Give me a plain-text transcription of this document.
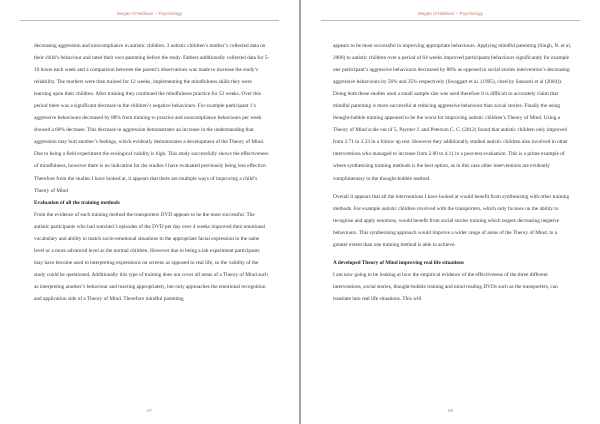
Megan O'Hallinan – Psychology

decreasing aggression and noncompliance in autistic children. 3 autistic children’s mother’s collected data on their child’s behaviour and rated their own parenting before the study. Fathers additionally collected data for 5-10 hours each week and a comparison between the parent’s observations was made to increase the study’s reliability. The mothers were then trained for 12 weeks, implementing the mindfulness skills they were learning upon their children. After training they continued the mindfulness practice for 52 weeks. Over this period there was a significant decrease in the children’s negative behaviours. For example participant 1’s aggressive behaviours decreased by 88% from training to practice and noncompliance behaviours per week showed a 68% decrease. This decrease in aggression demonstrates an increase in the understanding that aggression may hurt another’s feelings, which evidently demonstrates a development of the Theory of Mind. Due to being a field experiment the ecological validity is high. This study successfully shows the effectiveness of mindfulness, however there is no indication for the studies I have evaluated previously being less effective. Therefore from the studies I have looked at, it appears that there are multiple ways of improving a child’s Theory of Mind

Evaluation of all the training methods

From the evidence of each training method the transporters DVD appears to be the most successful. The autistic participants who had watched 3 episodes of the DVD per day over 4 weeks improved their emotional vocabulary and ability to match socio-emotional situations to the appropriate facial expression to the same level or a more advanced level as the normal children. However due to being a lab experiment participants may have become used to interpreting expressions on screens as opposed to real life, so the validity of the study could be questioned. Additionally this type of training does not cover all areas of a Theory of Mind such as interpreting another’s behaviour and reacting appropriately, but only approaches the emotional recognition and application side of a Theory of Mind. Therefore mindful parenting

67
Megan O'Hallinan – Psychology

appears to be most successful in improving appropriate behaviours. Applying mindful parenting (Singh, N. et al, 2006) to autistic children over a period of 64 weeks improved participants behaviours significantly for example one participant’s aggressive behaviours decreased by 88% as opposed to social stories intervention’s decreasing aggressive behaviours by 56% and 35% respectively (Swaggart et al. (1995), cited by Sansosti et al (2004)). Doing both these studies used a small sample size was used therefore it is difficult to accurately claim that mindful parenting is more successful at reducing aggressive behaviour than social stories. Finally the using thought-bubble training appeared to be the worst for improving autistic children’s Theory of Mind. Using a Theory of Mind scale out of 5, Paynter J. and Peterson C. C. (2012) found that autistic children only improved from 2.71 to 3.33 in a follow up test. However they additionally studied autistic children also involved in other interventions who managed to increase from 2.00 to 4.11 in a post-test evaluation. This is a prime example of where synthesising training methods is the best option, as in this case other interventions are evidently complimentary to the thought-bubble method.

Overall it appears that all the interventions I have looked at would benefit from synthesising with other training methods. For example autistic children involved with the transporters, which only focuses on the ability to recognise and apply emotions, would benefit from social stories training which targets decreasing negative behaviours. This synthesising approach would improve a wider range of areas of the Theory of Mind, to a greater extent than one training method is able to achieve.

A developed Theory of Mind improving real life situations

I am now going to be looking at how the empirical evidence of the effectiveness of the three different interventions, social stories, thought-bubble training and mind reading DVDs such as the transporters, can translate into real life situations. This will

68
